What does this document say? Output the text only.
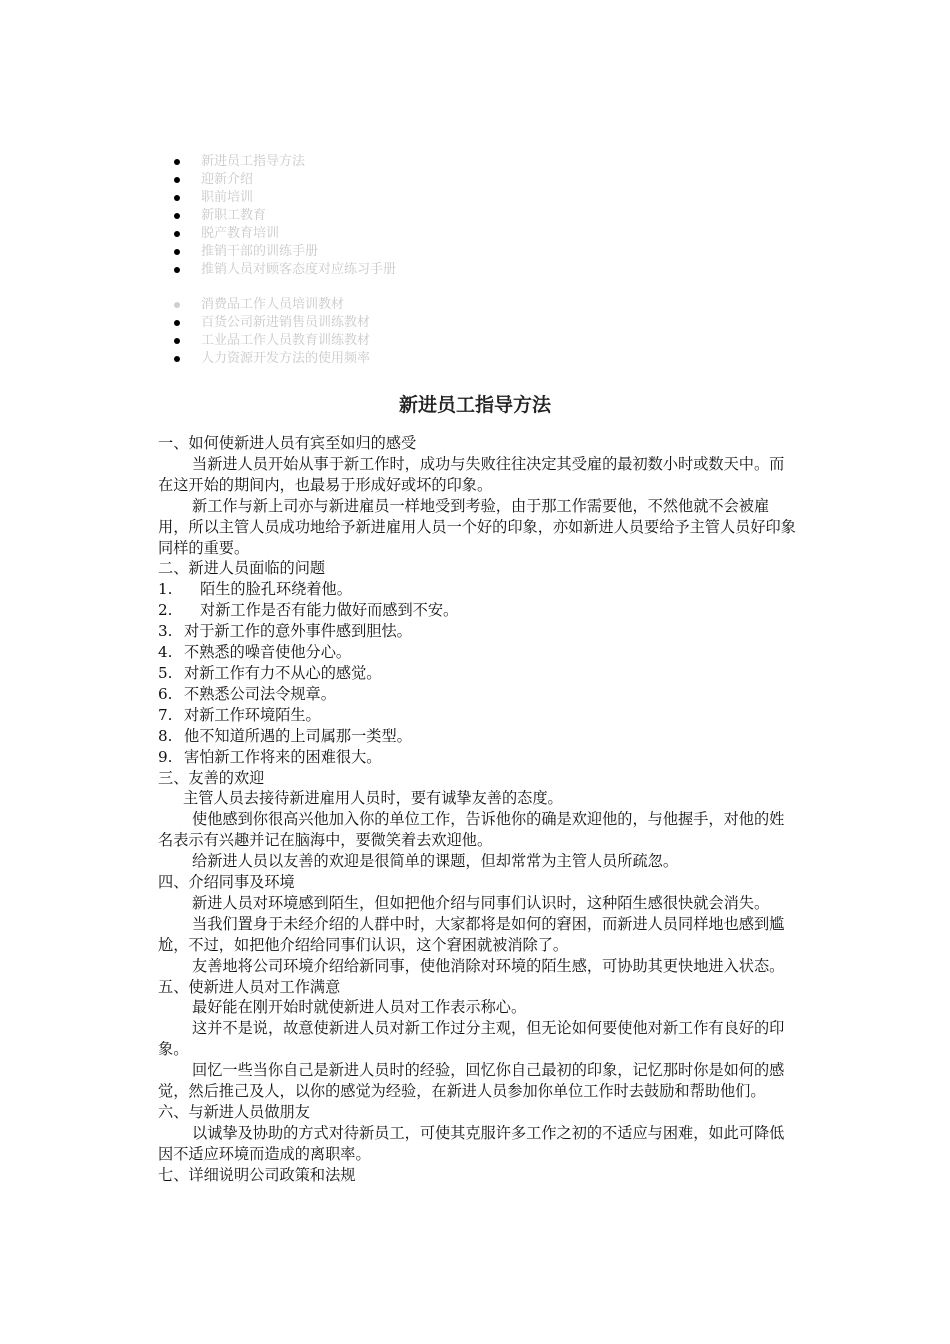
新进员工指导方法
迎新介绍
职前培训
新职工教育
脱产教育培训
推销干部的训练手册
推销人员对顾客态度对应练习手册
消费品工作人员培训教材
百货公司新进销售员训练教材
工业品工作人员教育训练教材
人力资源开发方法的使用频率
新进员工指导方法

一、如何使新进人员有宾至如归的感受

当新进人员开始从事于新工作时，成功与失败往往决定其受雇的最初数小时或数天中。而在这开始的期间内，也最易于形成好或坏的印象。

新工作与新上司亦与新进雇员一样地受到考验，由于那工作需要他，不然他就不会被雇用，所以主管人员成功地给予新进雇用人员一个好的印象，亦如新进人员要给予主管人员好印象同样的重要。

二、新进人员面临的问题

1.	陌生的脸孔环绕着他。
2.	对新工作是否有能力做好而感到不安。
3. 对于新工作的意外事件感到胆怯。
4. 不熟悉的噪音使他分心。
5. 对新工作有力不从心的感觉。
6. 不熟悉公司法令规章。
7. 对新工作环境陌生。
8. 他不知道所遇的上司属那一类型。
9. 害怕新工作将来的困难很大。

三、友善的欢迎

主管人员去接待新进雇用人员时，要有诚挚友善的态度。

使他感到你很高兴他加入你的单位工作，告诉他你的确是欢迎他的，与他握手，对他的姓名表示有兴趣并记在脑海中，要微笑着去欢迎他。

给新进人员以友善的欢迎是很简单的课题，但却常常为主管人员所疏忽。

四、介绍同事及环境

新进人员对环境感到陌生，但如把他介绍与同事们认识时，这种陌生感很快就会消失。

当我们置身于未经介绍的人群中时，大家都将是如何的窘困，而新进人员同样地也感到尴尬，不过，如把他介绍给同事们认识，这个窘困就被消除了。

友善地将公司环境介绍给新同事，使他消除对环境的陌生感，可协助其更快地进入状态。

五、使新进人员对工作满意

最好能在刚开始时就使新进人员对工作表示称心。

这并不是说，故意使新进人员对新工作过分主观，但无论如何要使他对新工作有良好的印象。

回忆一些当你自己是新进人员时的经验，回忆你自己最初的印象，记忆那时你是如何的感觉，然后推己及人，以你的感觉为经验，在新进人员参加你单位工作时去鼓励和帮助他们。

六、与新进人员做朋友

以诚挚及协助的方式对待新员工，可使其克服许多工作之初的不适应与困难，如此可降低因不适应环境而造成的离职率。

七、详细说明公司政策和法规
